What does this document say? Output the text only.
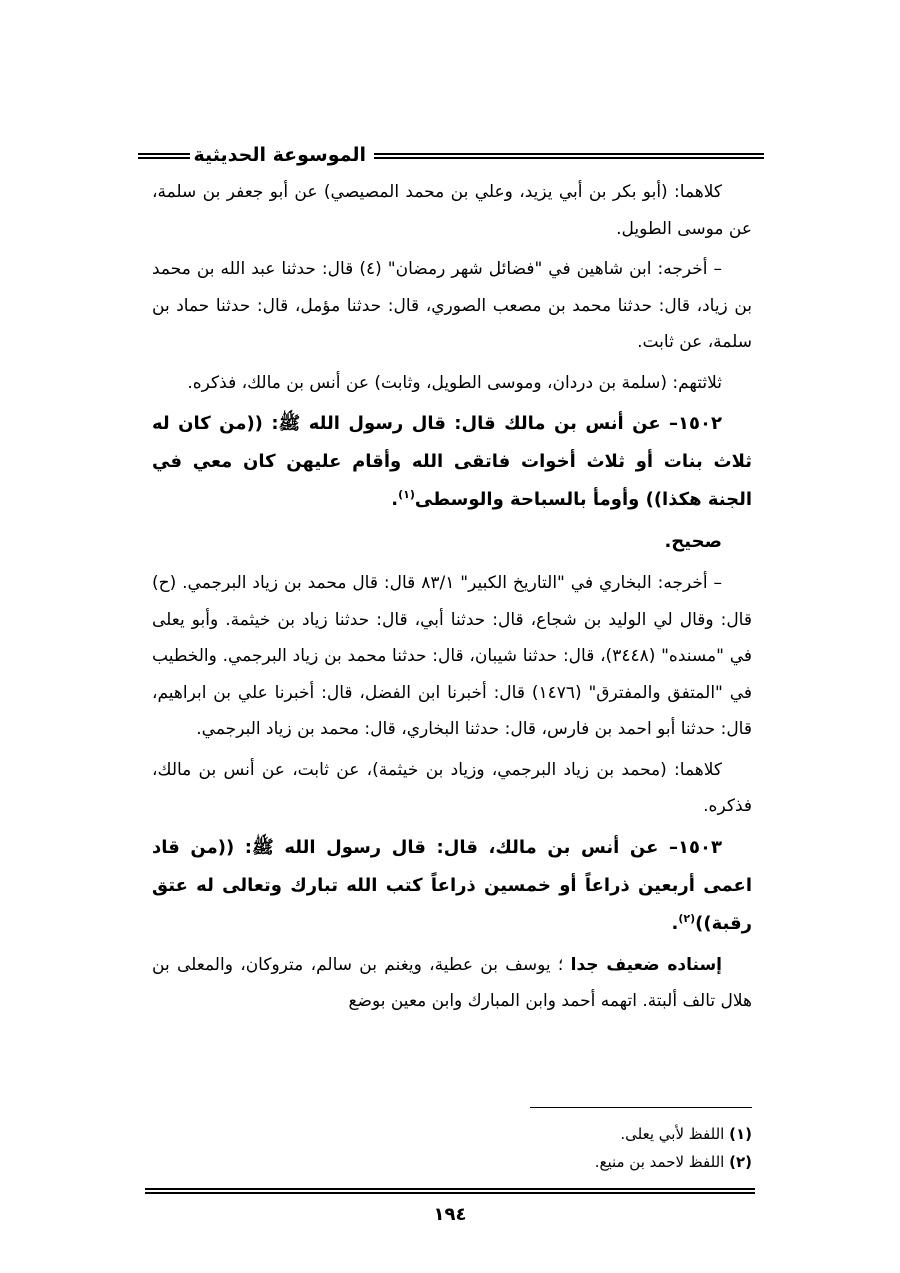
الموسوعة الحديثية

كلاهما: (أبو بكر بن أبي يزيد، وعلي بن محمد المصيصي) عن أبو جعفر بن سلمة، عن موسى الطويل.

– أخرجه: ابن شاهين في "فضائل شهر رمضان" (٤) قال: حدثنا عبد الله بن محمد بن زياد، قال: حدثنا محمد بن مصعب الصوري، قال: حدثنا مؤمل، قال: حدثنا حماد بن سلمة، عن ثابت.

ثلاثتهم: (سلمة بن دردان، وموسى الطويل، وثابت) عن أنس بن مالك، فذكره.

١٥٠٢– عن أنس بن مالك قال: قال رسول الله ﷺ: ((من كان له ثلاث بنات أو ثلاث أخوات فاتقى الله وأقام عليهن كان معي في الجنة هكذا)) وأومأ بالسباحة والوسطى$^{(١)}$.

صحيح.

– أخرجه: البخاري في "التاريخ الكبير" ٨٣/١ قال: قال محمد بن زياد البرجمي. (ح) قال: وقال لي الوليد بن شجاع، قال: حدثنا أبي، قال: حدثنا زياد بن خيثمة. وأبو يعلى في "مسنده" (٣٤٤٨)، قال: حدثنا شيبان، قال: حدثنا محمد بن زياد البرجمي. والخطيب في "المتفق والمفترق" (١٤٧٦) قال: أخبرنا ابن الفضل، قال: أخبرنا علي بن ابراهيم، قال: حدثنا أبو احمد بن فارس، قال: حدثنا البخاري، قال: محمد بن زياد البرجمي.

كلاهما: (محمد بن زياد البرجمي، وزياد بن خيثمة)، عن ثابت، عن أنس بن مالك، فذكره.

١٥٠٣– عن أنس بن مالك، قال: قال رسول الله ﷺ: ((من قاد اعمى أربعين ذراعاً أو خمسين ذراعاً كتب الله تبارك وتعالى له عتق رقبة))$^{(٢)}$.

إسناده ضعيف جدا ؛ يوسف بن عطية، ويغنم بن سالم، متروكان، والمعلى بن هلال تالف ألبتة. اتهمه أحمد وابن المبارك وابن معين بوضع

(١) اللفظ لأبي يعلى.
(٢) اللفظ لاحمد بن منيع.
١٩٤
